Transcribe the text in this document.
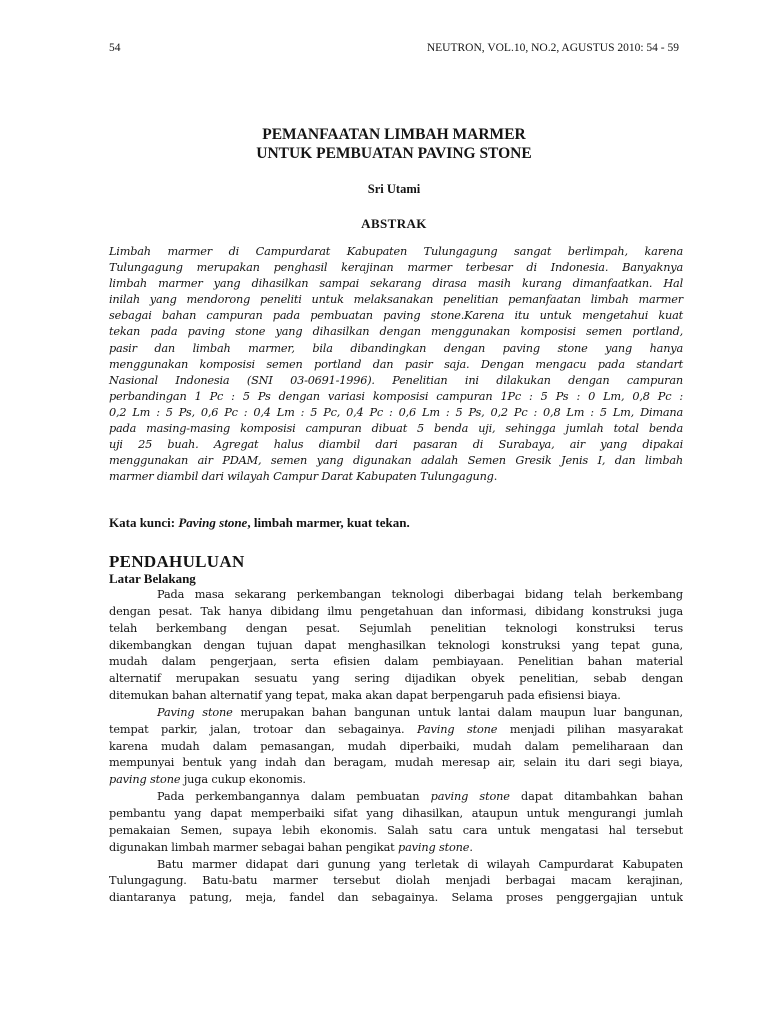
54	NEUTRON, VOL.10, NO.2, AGUSTUS 2010: 54 - 59
PEMANFAATAN LIMBAH MARMER
UNTUK PEMBUATAN PAVING STONE
Sri Utami
ABSTRAK
Limbah marmer di Campurdarat Kabupaten Tulungagung sangat berlimpah, karena
Tulungagung merupakan penghasil kerajinan marmer terbesar di Indonesia. Banyaknya
limbah marmer yang dihasilkan sampai sekarang dirasa masih kurang dimanfaatkan. Hal
inilah yang mendorong peneliti untuk melaksanakan penelitian pemanfaatan limbah marmer
sebagai bahan campuran pada pembuatan paving stone.Karena itu untuk mengetahui kuat
tekan pada paving stone yang dihasilkan dengan menggunakan komposisi semen portland,
pasir dan limbah marmer, bila dibandingkan dengan paving stone yang hanya
menggunakan komposisi semen portland dan pasir saja. Dengan mengacu pada standart
Nasional Indonesia (SNI 03-0691-1996). Penelitian ini dilakukan dengan campuran
perbandingan 1 Pc : 5 Ps dengan variasi komposisi campuran 1Pc : 5 Ps : 0 Lm, 0,8 Pc :
0,2 Lm : 5 Ps, 0,6 Pc : 0,4 Lm : 5 Pc, 0,4 Pc : 0,6 Lm : 5 Ps, 0,2 Pc : 0,8 Lm : 5 Lm, Dimana
pada masing-masing komposisi campuran dibuat 5 benda uji, sehingga jumlah total benda
uji 25 buah. Agregat halus diambil dari pasaran di Surabaya, air yang dipakai
menggunakan air PDAM, semen yang digunakan adalah Semen Gresik Jenis I, dan limbah
marmer diambil dari wilayah Campur Darat Kabupaten Tulungagung.
Kata kunci: Paving stone, limbah marmer, kuat tekan.
PENDAHULUAN
Latar Belakang
Pada masa sekarang perkembangan teknologi diberbagai bidang telah berkembang
dengan pesat. Tak hanya dibidang ilmu pengetahuan dan informasi, dibidang konstruksi juga
telah berkembang dengan pesat. Sejumlah penelitian teknologi konstruksi terus
dikembangkan dengan tujuan dapat menghasilkan teknologi konstruksi yang tepat guna,
mudah dalam pengerjaan, serta efisien dalam pembiayaan. Penelitian bahan material
alternatif merupakan sesuatu yang sering dijadikan obyek penelitian, sebab dengan
ditemukan bahan alternatif yang tepat, maka akan dapat berpengaruh pada efisiensi biaya.
Paving stone merupakan bahan bangunan untuk lantai dalam maupun luar bangunan,
tempat parkir, jalan, trotoar dan sebagainya. Paving stone menjadi pilihan masyarakat
karena mudah dalam pemasangan, mudah diperbaiki, mudah dalam pemeliharaan dan
mempunyai bentuk yang indah dan beragam, mudah meresap air, selain itu dari segi biaya,
paving stone juga cukup ekonomis.
Pada perkembangannya dalam pembuatan paving stone dapat ditambahkan bahan
pembantu yang dapat memperbaiki sifat yang dihasilkan, ataupun untuk mengurangi jumlah
pemakaian Semen, supaya lebih ekonomis. Salah satu cara untuk mengatasi hal tersebut
digunakan limbah marmer sebagai bahan pengikat paving stone.
Batu marmer didapat dari gunung yang terletak di wilayah Campurdarat Kabupaten
Tulungagung. Batu-batu marmer tersebut diolah menjadi berbagai macam kerajinan,
diantaranya patung, meja, fandel dan sebagainya. Selama proses penggergajian untuk
